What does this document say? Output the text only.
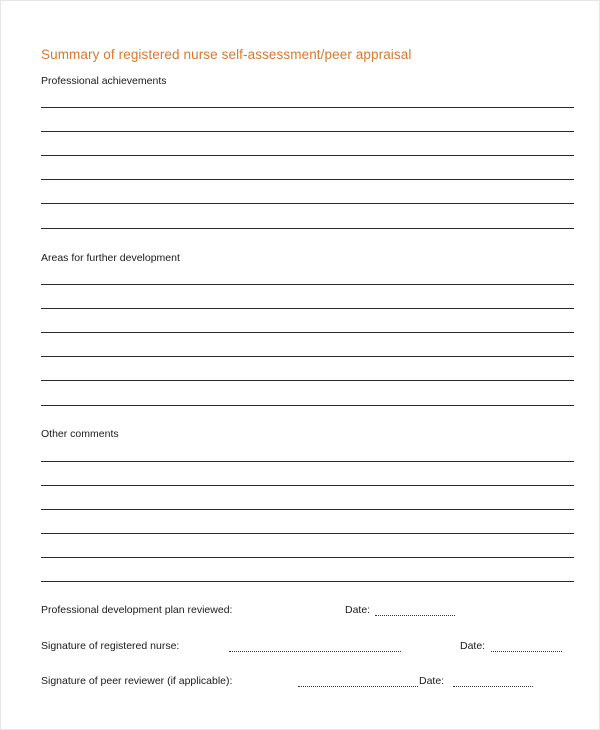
Summary of registered nurse self-assessment/peer appraisal
Professional achievements
Areas for further development
Other comments
Professional development plan reviewed:	Date:
Signature of registered nurse:	Date:
Signature of peer reviewer (if applicable):	Date:
